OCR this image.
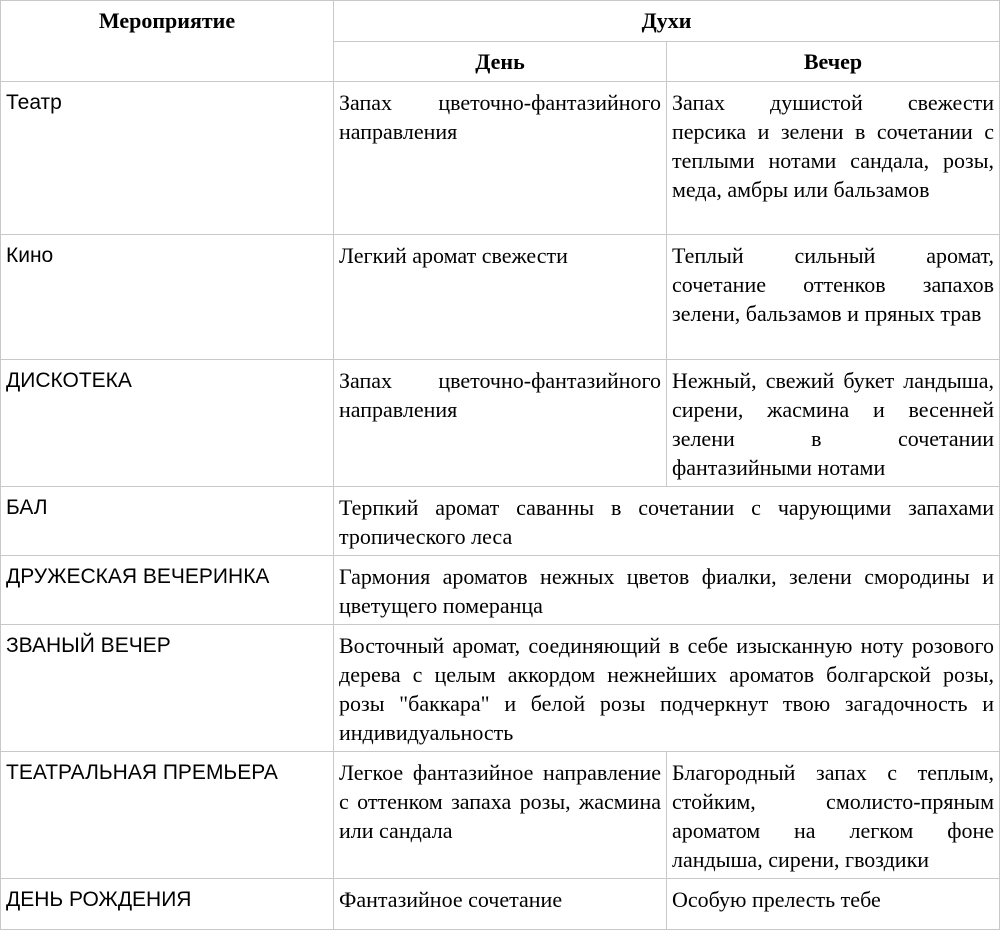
Мероприятие	Духи	
	День	Вечер
Театр	Запах цветочно-фантазийного направления	Запах душистой свежести персика и зелени в сочетании с теплыми нотами сандала, розы, меда, амбры или бальзамов
Кино	Легкий аромат свежести	Теплый сильный аромат, сочетание оттенков запахов зелени, бальзамов и пряных трав
ДИСКОТЕКА	Запах цветочно-фантазийного направления	Нежный, свежий букет ландыша, сирени, жасмина и весенней зелени в сочетании фантазийными нотами
БАЛ	Терпкий аромат саванны в сочетании с чарующими запахами тропического леса	
ДРУЖЕСКАЯ ВЕЧЕРИНКА	Гармония ароматов нежных цветов фиалки, зелени смородины и цветущего померанца	
ЗВАНЫЙ ВЕЧЕР	Восточный аромат, соединяющий в себе изысканную ноту розового дерева с целым аккордом нежнейших ароматов болгарской розы, розы "баккара" и белой розы подчеркнут твою загадочность и индивидуальность	
ТЕАТРАЛЬНАЯ ПРЕМЬЕРА	Легкое фантазийное направление с оттенком запаха розы, жасмина или сандала	Благородный запах с теплым, стойким, смолисто-пряным ароматом на легком фоне ландыша, сирени, гвоздики
ДЕНЬ РОЖДЕНИЯ	Фантазийное сочетание	Особую прелесть тебе
